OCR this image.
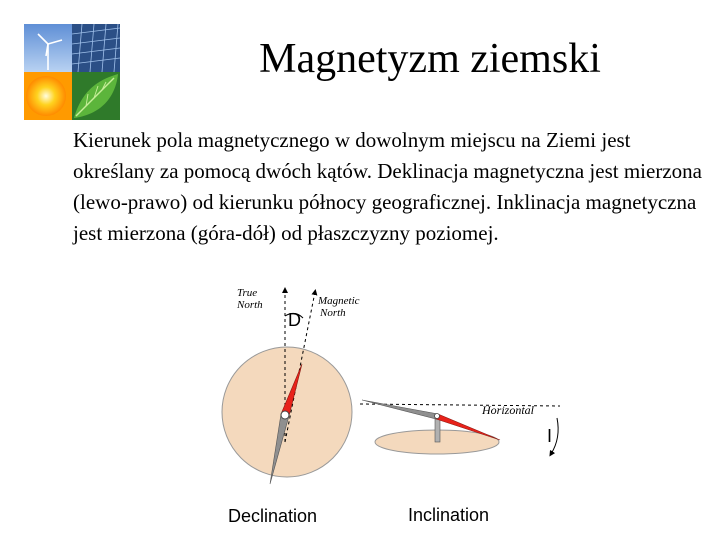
Magnetyzm ziemski
Kierunek pola magnetycznego w dowolnym miejscu na Ziemi jest określany za pomocą dwóch kątów. Deklinacja magnetyczna jest mierzona (lewo-prawo) od kierunku północy geograficznej. Inklinacja magnetyczna jest mierzona (góra-dół) od płaszczyzny poziomej.
True
North	Magnetic
North
D
Horizontal
I
Declination	Inclination
